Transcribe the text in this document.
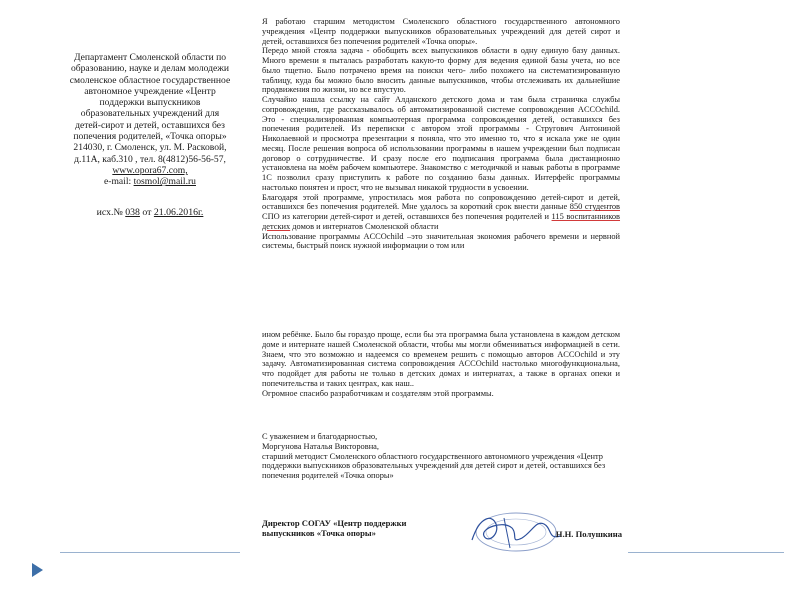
Департамент Смоленской области по
образованию, науке и делам молодежи
смоленское областное государственное
автономное учреждение «Центр
поддержки выпускников
образовательных учреждений для
детей-сирот и детей, оставшихся без
попечения родителей, «Точка опоры»
214030, г. Смоленск, ул. М. Расковой,
д.11А, каб.310 , тел. 8(4812)56-56-57,
www.opora67.com,
e-mail: tosmol@mail.ru
исх.№ 038 от 21.06.2016г.

Я работаю старшим методистом Смоленского областного государственного автономного учреждения «Центр поддержки выпускников образовательных учреждений для детей сирот и детей, оставшихся без попечения родителей «Точка опоры».

Передо мной стояла задача - обобщить всех выпускников области в одну единую базу данных. Много времени я пыталась разработать какую-то форму для ведения единой базы учета, но все было тщетно. Было потрачено время на поиски чего- либо похожего на систематизированную таблицу, куда бы можно было вносить данные выпускников, чтобы отслеживать их дальнейшие продвижения по жизни, но все впустую.

Случайно нашла ссылку на сайт Алданского детского дома и там была страничка службы сопровождения, где рассказывалось об автоматизированной системе сопровождения ACCOchild. Это - специализированная компьютерная программа сопровождения детей, оставшихся без попечения родителей. Из переписки с автором этой программы - Стругович Антониной Николаевной и просмотра презентации я поняла, что это именно то, что я искала уже не один месяц. После решения вопроса об использовании программы в нашем учреждении был подписан договор о сотрудничестве. И сразу после его подписания программа была дистанционно установлена на моём рабочем компьютере. Знакомство с методичкой и навык работы в программе 1С позволил сразу приступить к работе по созданию базы данных. Интерфейс программы настолько понятен и прост, что не вызывал никакой трудности в усвоении.

Благодаря этой программе, упростилась моя работа по сопровождению детей-сирот и детей, оставшихся без попечения родителей. Мне удалось за короткий срок внести данные 850 студентов СПО из категории детей-сирот и детей, оставшихся без попечения родителей и 115 воспитанников детских домов и интернатов Смоленской области

Использование программы ACCOchild –это значительная экономия рабочего времени и нервной системы, быстрый поиск нужной информации о том или

ином ребёнке. Было бы гораздо проще, если бы эта программа была установлена в каждом детском доме и интернате нашей Смоленской области, чтобы мы могли обмениваться информацией в сети. Знаем, что это возможно и надеемся со временем решить с помощью авторов ACCOchild и эту задачу. Автоматизированная система сопровождения ACCOchild настолько многофункциональна, что подойдет для работы не только в детских домах и интернатах, а также в органах опеки и попечительства и таких центрах, как наш..

Огромное спасибо разработчикам и создателям этой программы.

С уважением и благодарностью,

Моргунова Наталья Викторовна,

старший методист Смоленского областного государственного автономного учреждения «Центр поддержки выпускников образовательных учреждений для детей сирот и детей, оставшихся без попечения родителей «Точка опоры»

Директор СОГАУ «Центр поддержки
выпускников «Точка опоры»	Н.Н. Полушкина
